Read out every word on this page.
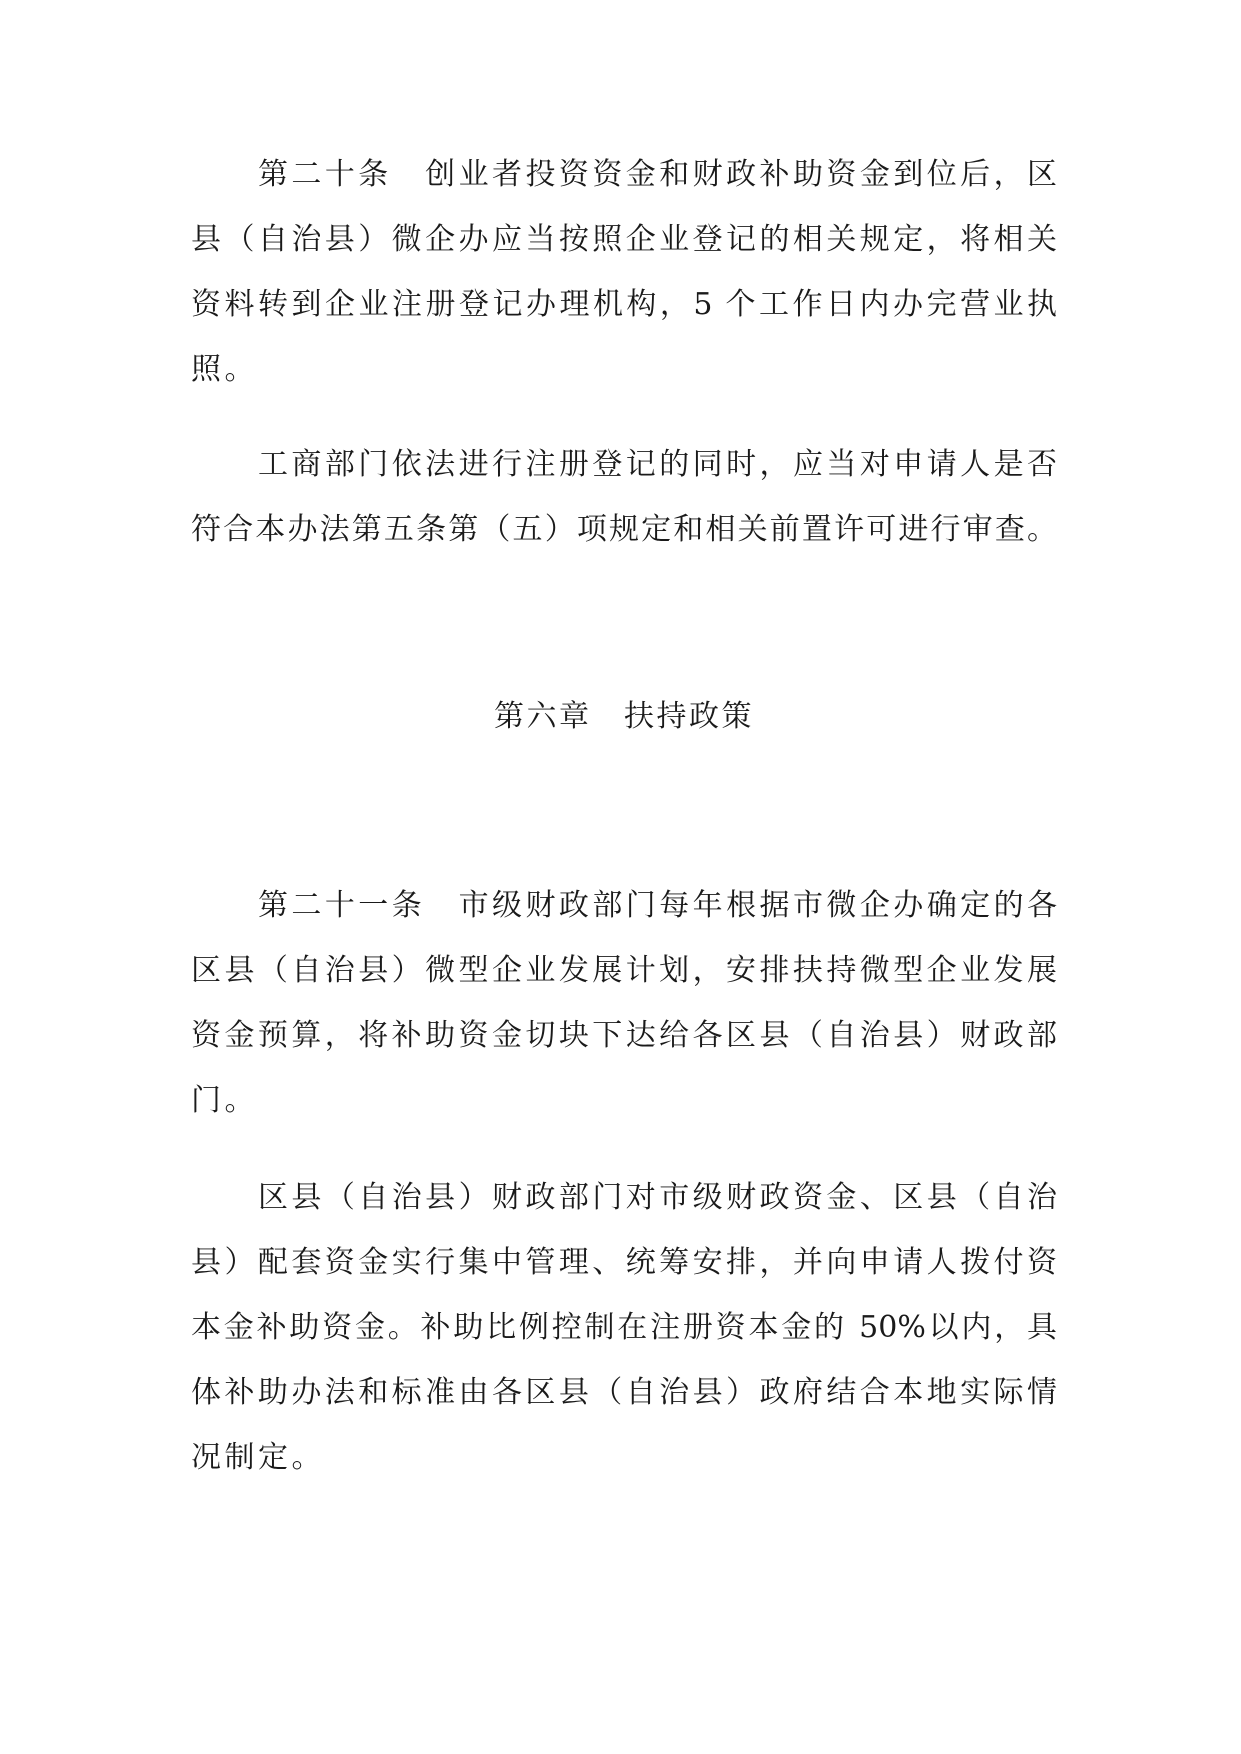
第二十条　创业者投资资金和财政补助资金到位后，区
县（自治县）微企办应当按照企业登记的相关规定，将相关
资料转到企业注册登记办理机构，5 个工作日内办完营业执
照。
工商部门依法进行注册登记的同时，应当对申请人是否
符合本办法第五条第（五）项规定和相关前置许可进行审查。
第六章　扶持政策
第二十一条　市级财政部门每年根据市微企办确定的各
区县（自治县）微型企业发展计划，安排扶持微型企业发展
资金预算，将补助资金切块下达给各区县（自治县）财政部
门。
区县（自治县）财政部门对市级财政资金、区县（自治
县）配套资金实行集中管理、统筹安排，并向申请人拨付资
本金补助资金。补助比例控制在注册资本金的 50%以内，具
体补助办法和标准由各区县（自治县）政府结合本地实际情
况制定。
